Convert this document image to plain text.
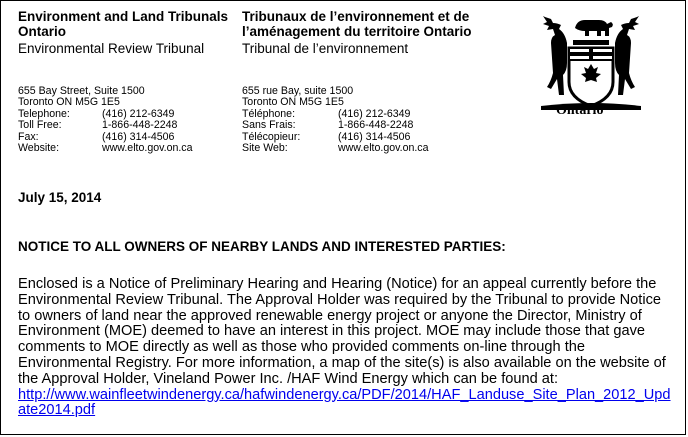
Environment and Land Tribunals
Ontario
Environmental Review Tribunal
655 Bay Street, Suite 1500
Toronto ON M5G 1E5
Telephone:	(416) 212-6349
Toll Free:	1-866-448-2248
Fax:	(416) 314-4506
Website:	www.elto.gov.on.ca
Tribunaux de l’environnement et de
l’aménagement du territoire Ontario
Tribunal de l’environnement
655 rue Bay, suite 1500
Toronto ON M5G 1E5
Téléphone:	(416) 212-6349
Sans Frais:	1-866-448-2248
Télécopieur:	(416) 314-4506
Site Web:	www.elto.gov.on.ca
Ontario
July 15, 2014
NOTICE TO ALL OWNERS OF NEARBY LANDS AND INTERESTED PARTIES:
Enclosed is a Notice of Preliminary Hearing and Hearing (Notice) for an appeal currently before the
Environmental Review Tribunal. The Approval Holder was required by the Tribunal to provide Notice
to owners of land near the approved renewable energy project or anyone the Director, Ministry of
Environment (MOE) deemed to have an interest in this project. MOE may include those that gave
comments to MOE directly as well as those who provided comments on-line through the
Environmental Registry. For more information, a map of the site(s) is also available on the website of
the Approval Holder, Vineland Power Inc. /HAF Wind Energy which can be found at:
http://www.wainfleetwindenergy.ca/hafwindenergy.ca/PDF/2014/HAF_Landuse_Site_Plan_2012_Upd
ate2014.pdf
